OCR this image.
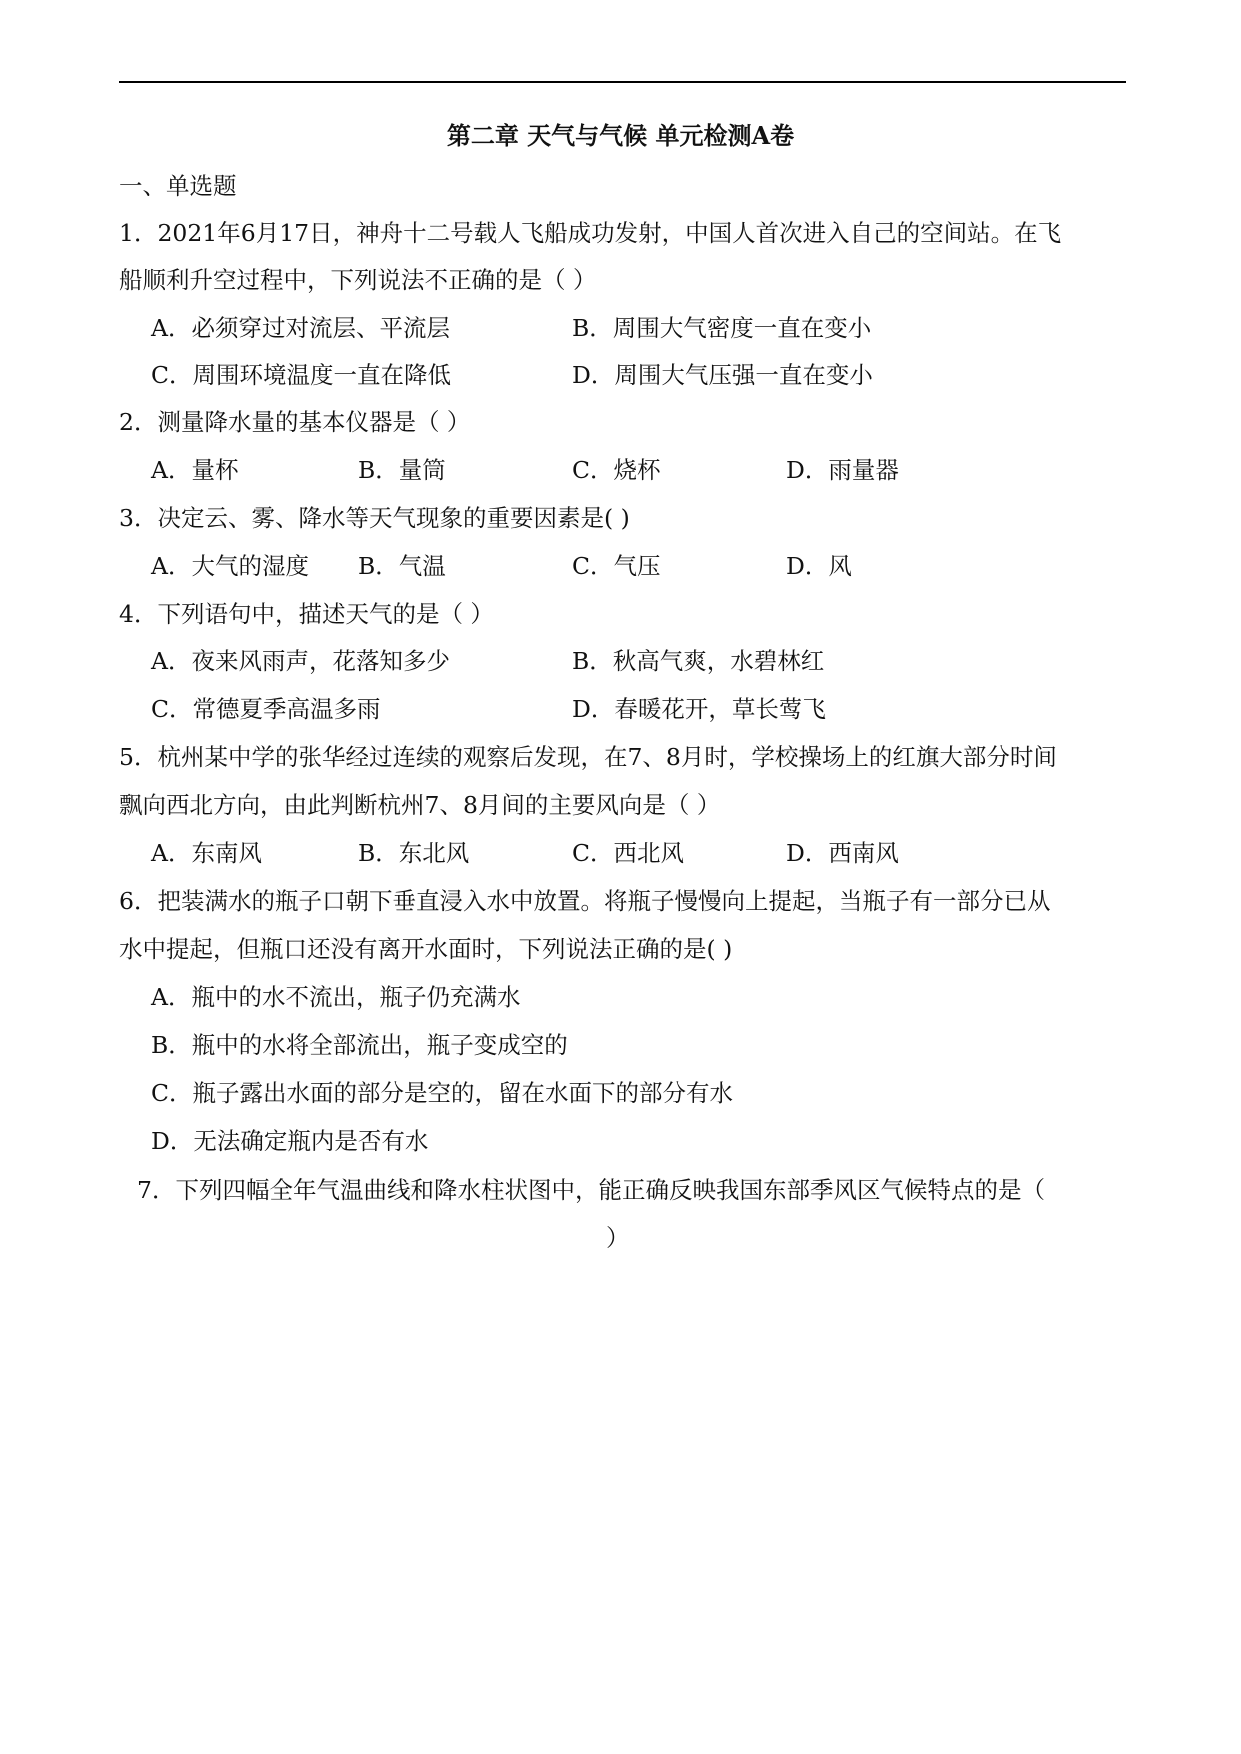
第二章 天气与气候 单元检测A卷
一、单选题
1．2021年6月17日，神舟十二号载人飞船成功发射，中国人首次进入自己的空间站。在飞
船顺利升空过程中，下列说法不正确的是（ ）
A．必须穿过对流层、平流层	B．周围大气密度一直在变小
C．周围环境温度一直在降低	D．周围大气压强一直在变小
2．测量降水量的基本仪器是（ ）
A．量杯	B．量筒	C．烧杯	D．雨量器
3．决定云、雾、降水等天气现象的重要因素是( )
A．大气的湿度 B．气温	C．气压	D．风
4．下列语句中，描述天气的是（ ）
A．夜来风雨声，花落知多少	B．秋高气爽，水碧林红
C．常德夏季高温多雨	D．春暖花开，草长莺飞
5．杭州某中学的张华经过连续的观察后发现，在7、8月时，学校操场上的红旗大部分时间
飘向西北方向，由此判断杭州7、8月间的主要风向是（ ）
A．东南风	B．东北风	C．西北风	D．西南风
6．把装满水的瓶子口朝下垂直浸入水中放置。将瓶子慢慢向上提起，当瓶子有一部分已从
水中提起，但瓶口还没有离开水面时，下列说法正确的是( )
A．瓶中的水不流出，瓶子仍充满水
B．瓶中的水将全部流出，瓶子变成空的
C．瓶子露出水面的部分是空的，留在水面下的部分有水
D．无法确定瓶内是否有水
7．下列四幅全年气温曲线和降水柱状图中，能正确反映我国东部季风区气候特点的是（
）
